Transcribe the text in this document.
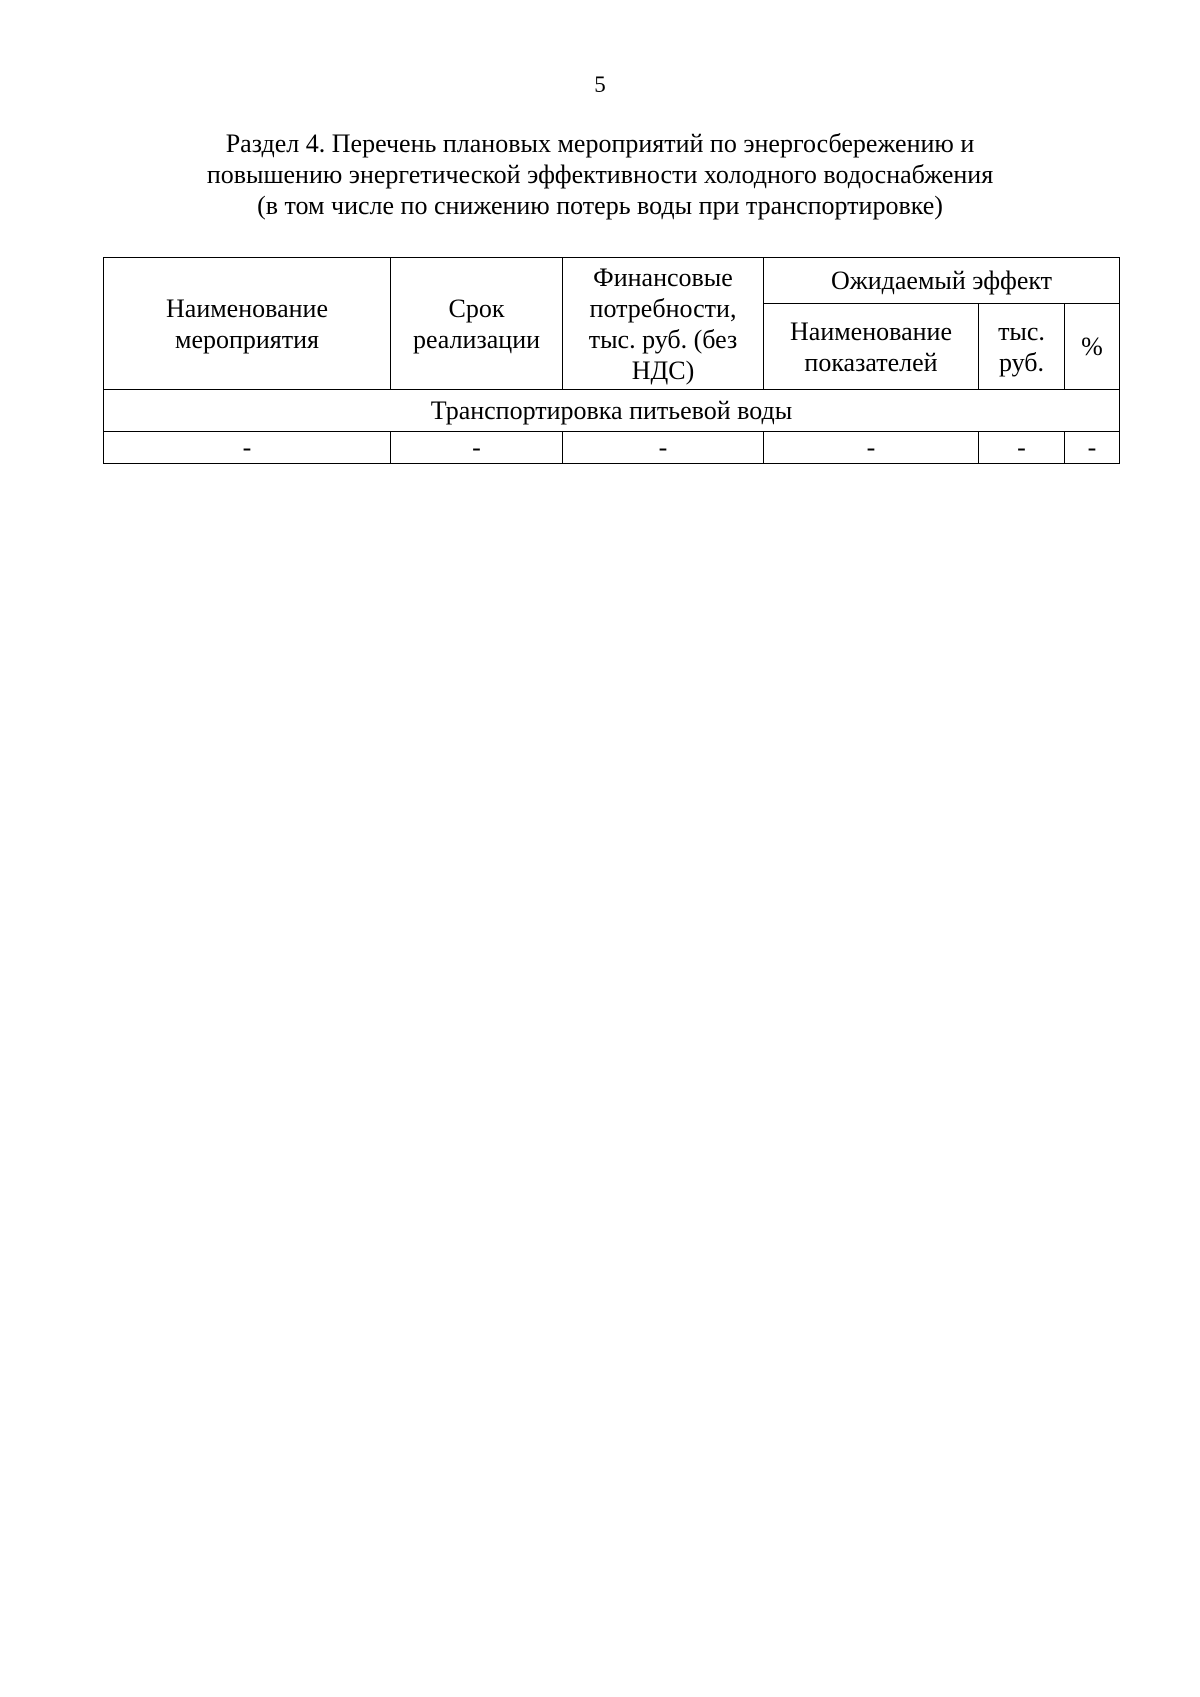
5
Раздел 4. Перечень плановых мероприятий по энергосбережению и
повышению энергетической эффективности холодного водоснабжения
(в том числе по снижению потерь воды при транспортировке)
Наименование мероприятия	Срок реализации	Финансовые потребности, тыс. руб. (без НДС)	Ожидаемый эффект		
			Наименование показателей	тыс. руб.	%
Транспортировка питьевой воды					
-	-	-	-	-	-
